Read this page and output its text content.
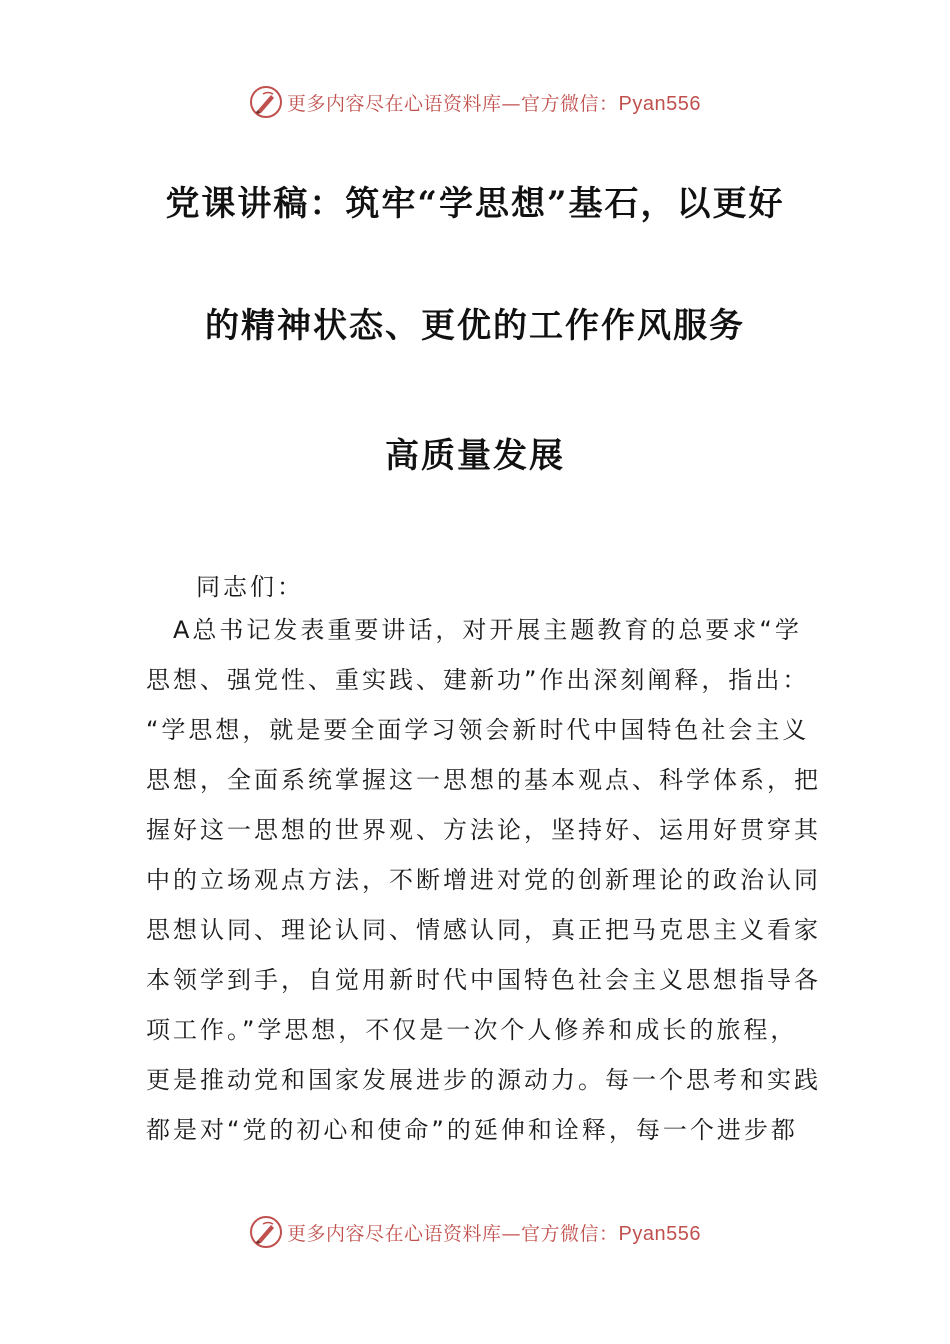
更多内容尽在心语资料库—官方微信：Pyan556
党课讲稿：筑牢“学思想”基石，以更好
的精神状态、更优的工作作风服务
高质量发展
同志们：
　A总书记发表重要讲话，对开展主题教育的总要求“学
思想、强党性、重实践、建新功”作出深刻阐释，指出：
“学思想，就是要全面学习领会新时代中国特色社会主义
思想，全面系统掌握这一思想的基本观点、科学体系，把
握好这一思想的世界观、方法论，坚持好、运用好贯穿其
中的立场观点方法，不断增进对党的创新理论的政治认同
思想认同、理论认同、情感认同，真正把马克思主义看家
本领学到手，自觉用新时代中国特色社会主义思想指导各
项工作。”学思想，不仅是一次个人修养和成长的旅程，
更是推动党和国家发展进步的源动力。每一个思考和实践
都是对“党的初心和使命”的延伸和诠释，每一个进步都
更多内容尽在心语资料库—官方微信：Pyan556
